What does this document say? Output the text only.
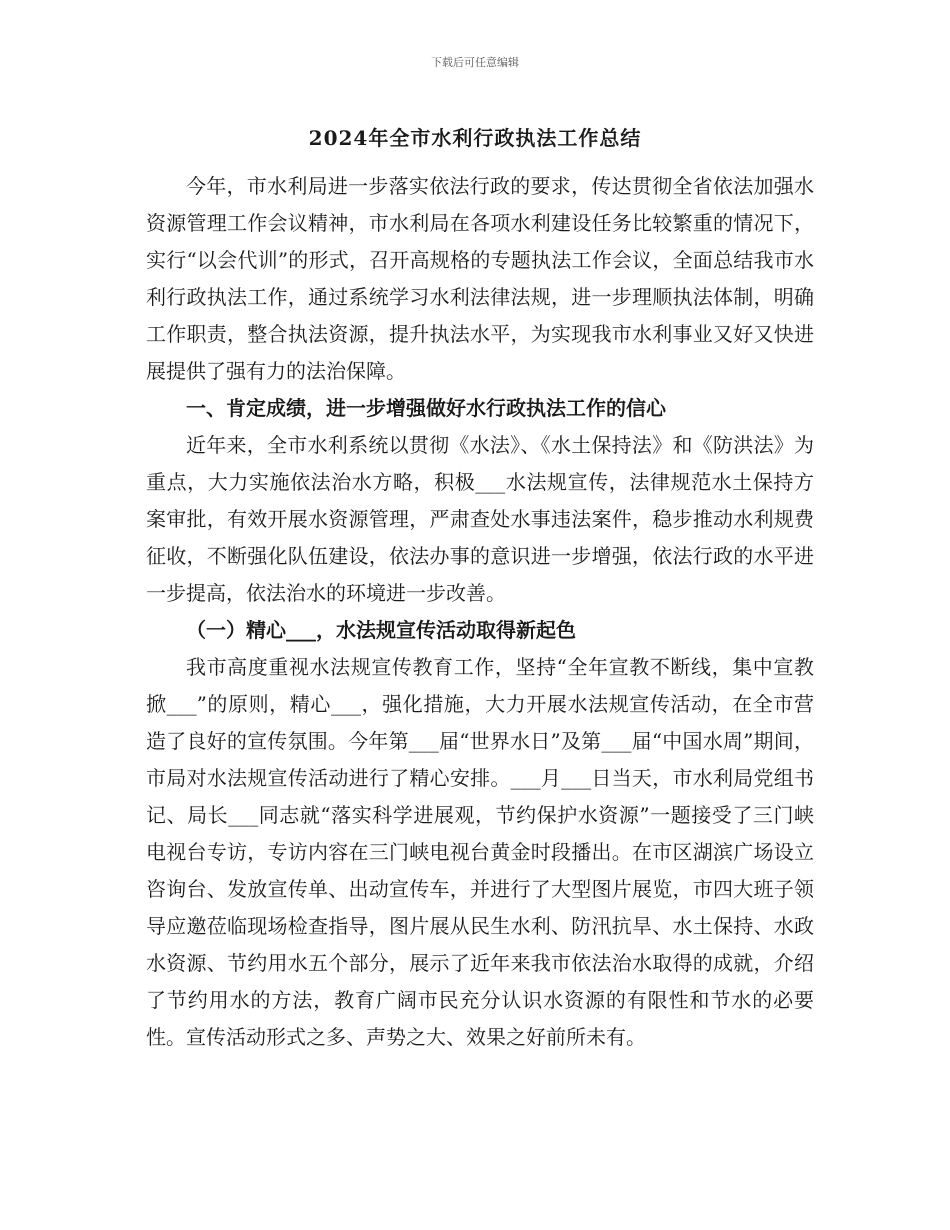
下载后可任意编辑
2024年全市水利行政执法工作总结

今年，市水利局进一步落实依法行政的要求，传达贯彻全省依法加强水资源管理工作会议精神，市水利局在各项水利建设任务比较繁重的情况下，实行“以会代训”的形式，召开高规格的专题执法工作会议，全面总结我市水利行政执法工作，通过系统学习水利法律法规，进一步理顺执法体制，明确工作职责，整合执法资源，提升执法水平，为实现我市水利事业又好又快进展提供了强有力的法治保障。

一、肯定成绩，进一步增强做好水行政执法工作的信心

近年来，全市水利系统以贯彻《水法》、《水土保持法》和《防洪法》为重点，大力实施依法治水方略，积极___水法规宣传，法律规范水土保持方案审批，有效开展水资源管理，严肃查处水事违法案件，稳步推动水利规费征收，不断强化队伍建设，依法办事的意识进一步增强，依法行政的水平进一步提高，依法治水的环境进一步改善。

（一）精心___，水法规宣传活动取得新起色

我市高度重视水法规宣传教育工作，坚持“全年宣教不断线，集中宣教掀___”的原则，精心___，强化措施，大力开展水法规宣传活动，在全市营造了良好的宣传氛围。今年第___届“世界水日”及第___届“中国水周”期间，市局对水法规宣传活动进行了精心安排。___月___日当天，市水利局党组书记、局长___同志就“落实科学进展观，节约保护水资源”一题接受了三门峡电视台专访，专访内容在三门峡电视台黄金时段播出。在市区湖滨广场设立咨询台、发放宣传单、出动宣传车，并进行了大型图片展览，市四大班子领导应邀莅临现场检查指导，图片展从民生水利、防汛抗旱、水土保持、水政水资源、节约用水五个部分，展示了近年来我市依法治水取得的成就，介绍了节约用水的方法，教育广阔市民充分认识水资源的有限性和节水的必要性。宣传活动形式之多、声势之大、效果之好前所未有。
